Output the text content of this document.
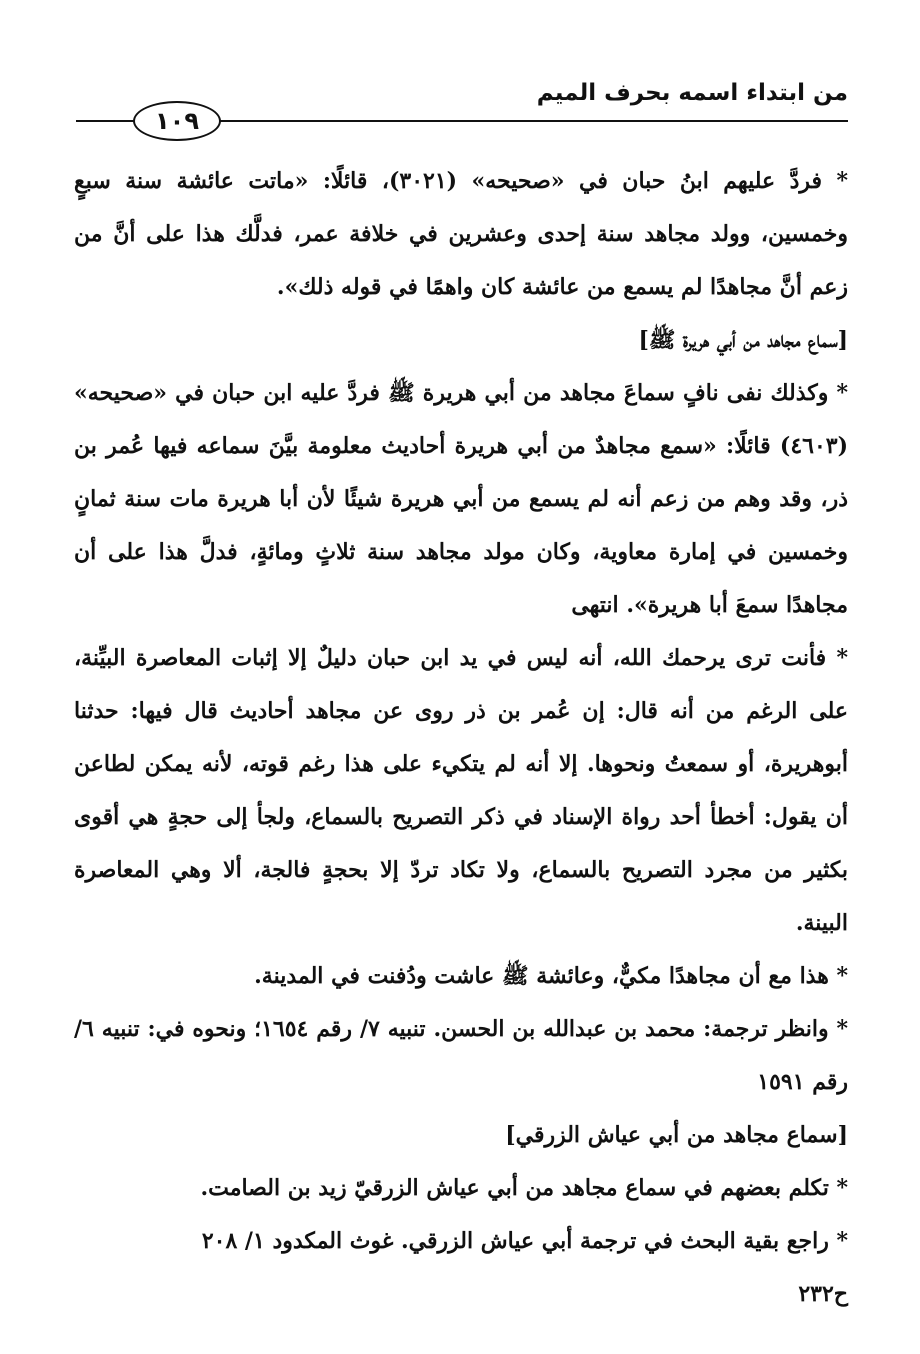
من ابتداء اسمه بحرف الميم
١٠٩

* فردَّ عليهم ابنُ حبان في «صحيحه» (٣٠٢١)، قائلًا: «ماتت عائشة سنة سبعٍ وخمسين، وولد مجاهد سنة إحدى وعشرين في خلافة عمر، فدلَّك هذا على أنَّ من زعم أنَّ مجاهدًا لم يسمع من عائشة كان واهمًا في قوله ذلك».

[سماع مجاهد من أبي هريرة ﷺ]

* وكذلك نفى نافٍ سماعَ مجاهد من أبي هريرة ﷺ فردَّ عليه ابن حبان في «صحيحه» (٤٦٠٣) قائلًا: «سمع مجاهدٌ من أبي هريرة أحاديث معلومة بيَّنَ سماعه فيها عُمر بن ذر، وقد وهم من زعم أنه لم يسمع من أبي هريرة شيئًا لأن أبا هريرة مات سنة ثمانٍ وخمسين في إمارة معاوية، وكان مولد مجاهد سنة ثلاثٍ ومائةٍ، فدلَّ هذا على أن مجاهدًا سمعَ أبا هريرة». انتهى

* فأنت ترى يرحمك الله، أنه ليس في يد ابن حبان دليلٌ إلا إثبات المعاصرة البيِّنة، على الرغم من أنه قال: إن عُمر بن ذر روى عن مجاهد أحاديث قال فيها: حدثنا أبوهريرة، أو سمعتُ ونحوها. إلا أنه لم يتكيء على هذا رغم قوته، لأنه يمكن لطاعن أن يقول: أخطأ أحد رواة الإسناد في ذكر التصريح بالسماع، ولجأ إلى حجةٍ هي أقوى بكثير من مجرد التصريح بالسماع، ولا تكاد تردّ إلا بحجةٍ فالجة، ألا وهي المعاصرة البينة.

* هذا مع أن مجاهدًا مكيٌّ، وعائشة ﷺ عاشت ودُفنت في المدينة.

* وانظر ترجمة: محمد بن عبدالله بن الحسن. تنبيه ٧/ رقم ١٦٥٤؛ ونحوه في: تنبيه ٦/ رقم ١٥٩١

[سماع مجاهد من أبي عياش الزرقي]

* تكلم بعضهم في سماع مجاهد من أبي عياش الزرقيّ زيد بن الصامت.

* راجع بقية البحث في ترجمة أبي عياش الزرقي. غوث المكدود ١/ ٢٠٨

ح٢٣٢
